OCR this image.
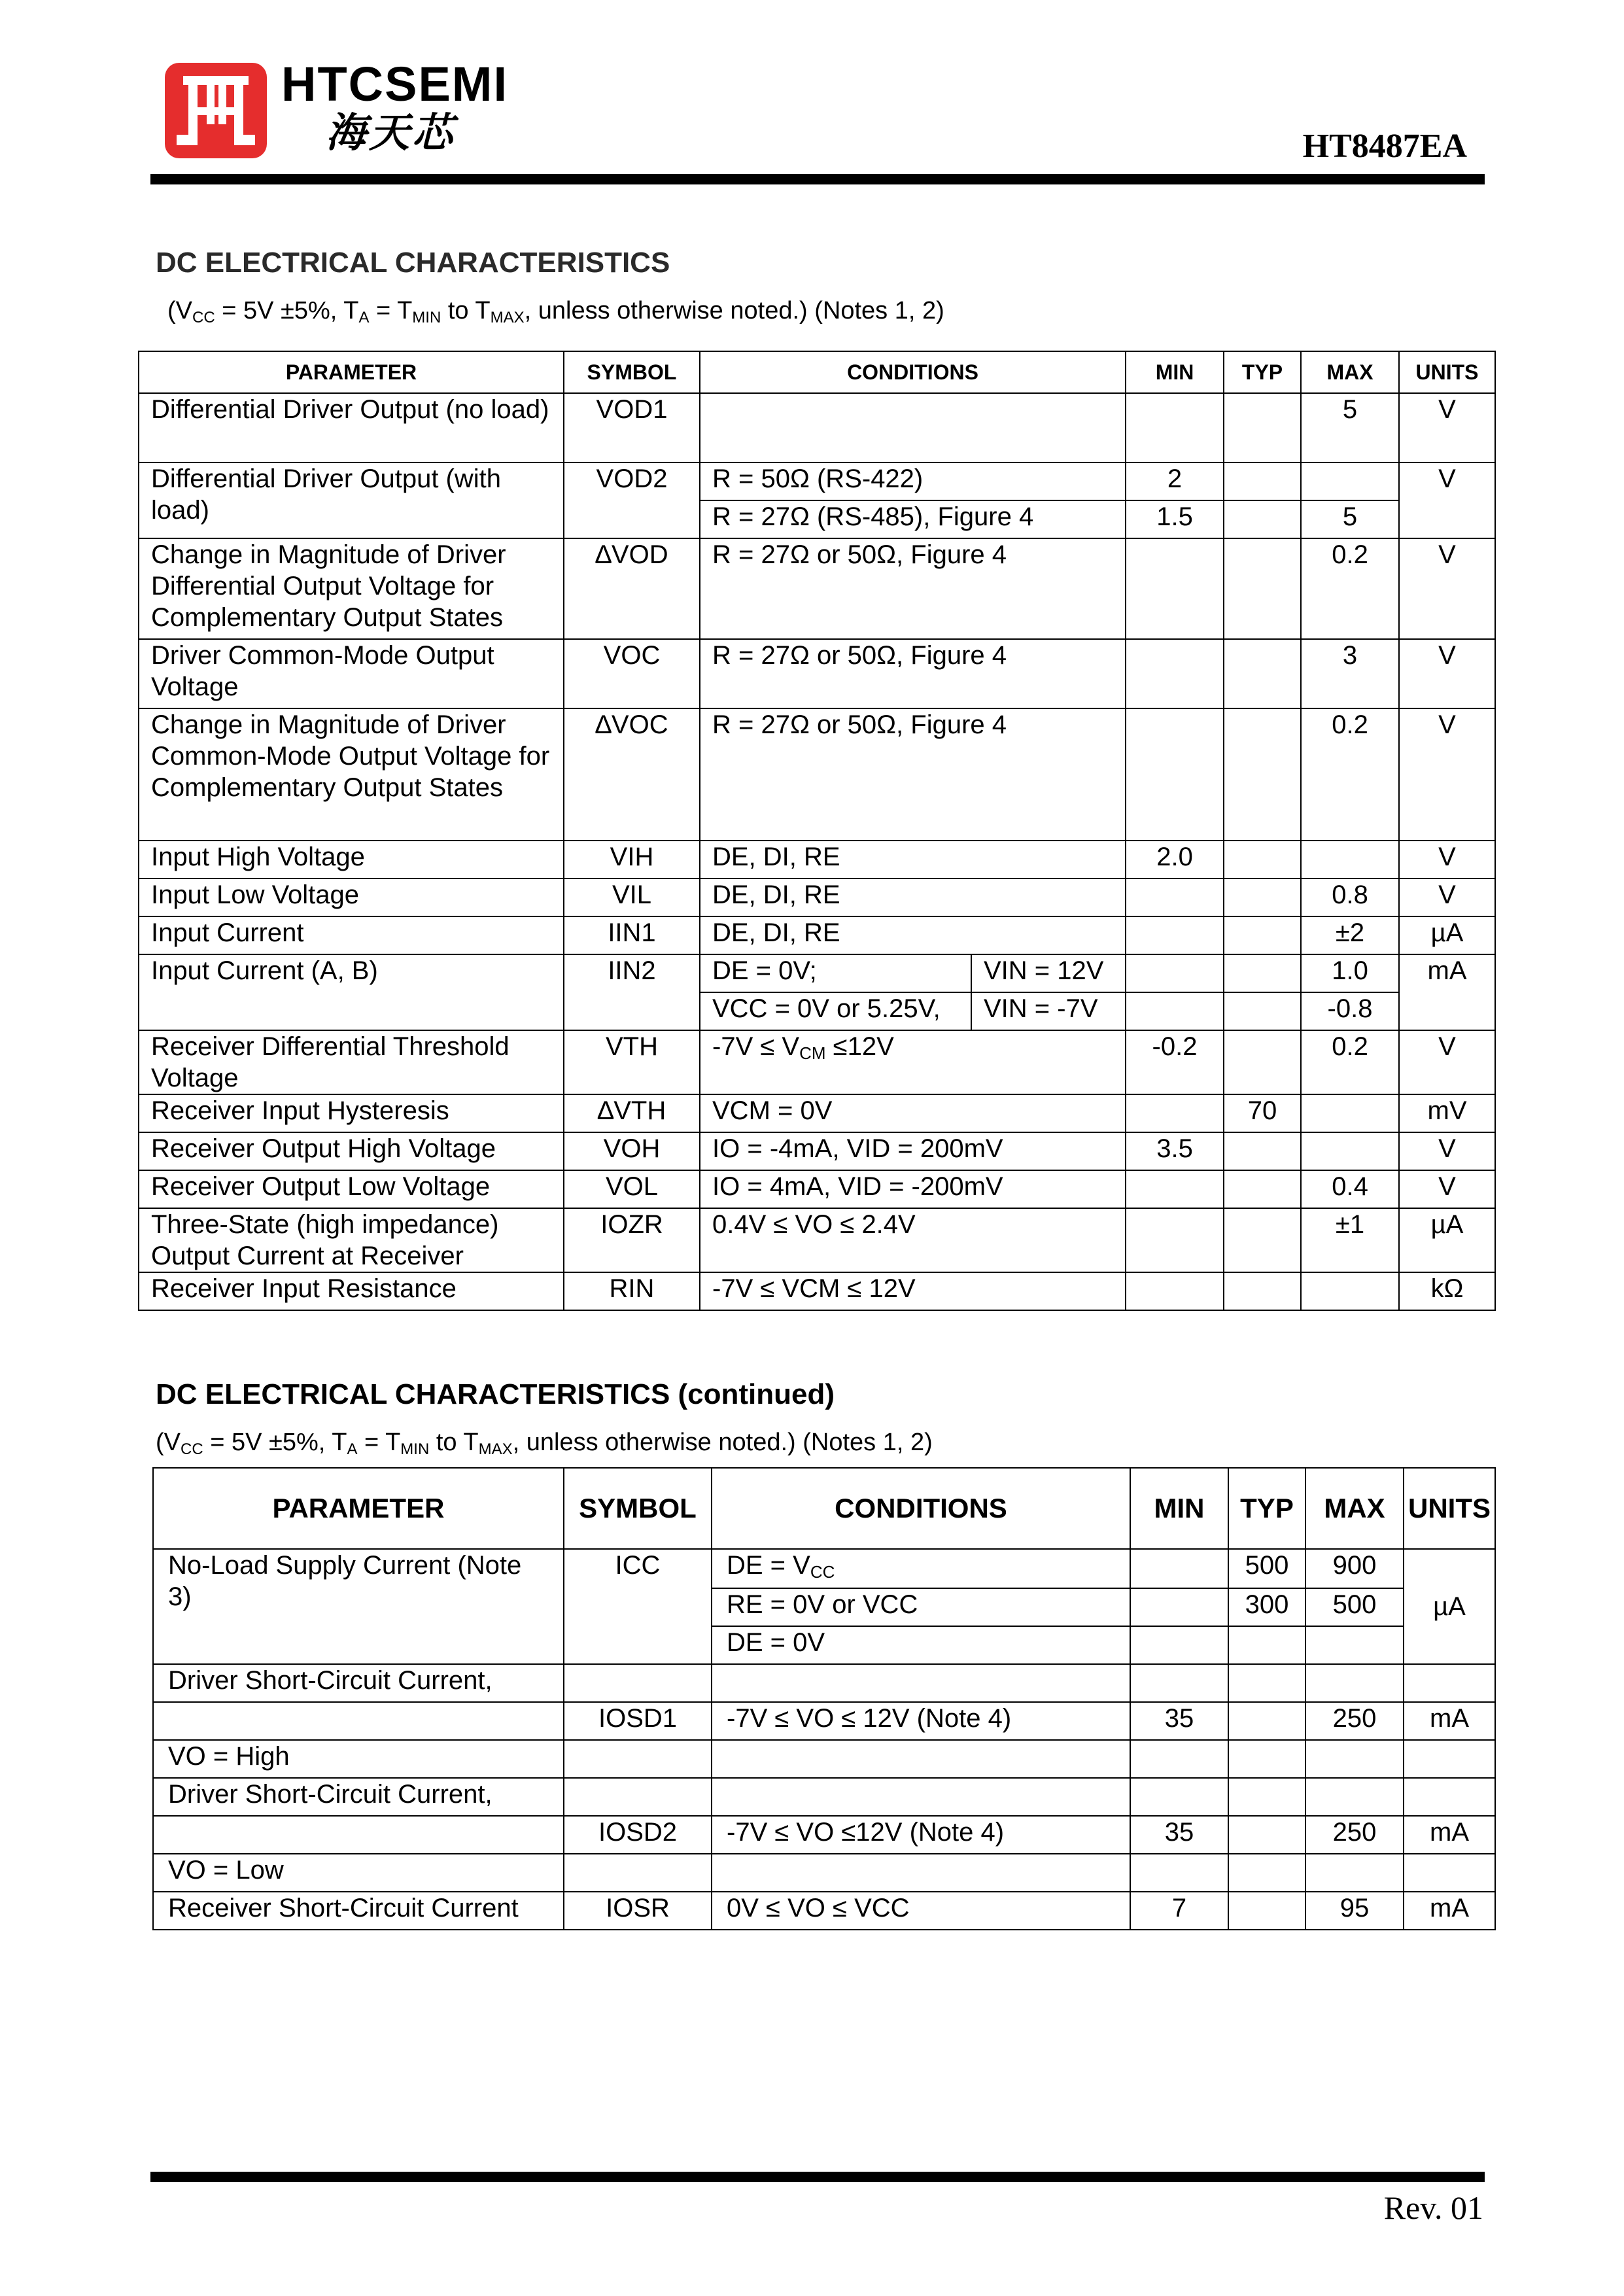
HTCSEMI
海天芯	HT8487EA
DC ELECTRICAL CHARACTERISTICS
($V_{CC} = 5V \pm 5\%$, $T_A = T_{MIN}$ to $T_{MAX}$, unless otherwise noted.) (Notes 1, 2)
PARAMETER	SYMBOL	CONDITIONS		MIN	TYP	MAX	UNITS
Differential Driver Output (no load)	VOD1					5	V
Differential Driver Output (with load)	VOD2	R = 50Ω (RS-422)		2			V
		R = 27Ω (RS-485), Figure 4		1.5		5	
Change in Magnitude of Driver Differential Output Voltage for Complementary Output States	∆VOD	R = 27Ω or 50Ω, Figure 4				0.2	V
Driver Common-Mode Output Voltage	VOC	R = 27Ω or 50Ω, Figure 4				3	V
Change in Magnitude of Driver Common-Mode Output Voltage for Complementary Output States	∆VOC	R = 27Ω or 50Ω, Figure 4				0.2	V
Input High Voltage	VIH	DE, DI, RE		2.0			V
Input Low Voltage	VIL	DE, DI, RE				0.8	V
Input Current	IIN1	DE, DI, RE				±2	µA
Input Current (A, B)	IIN2	DE = 0V;	VIN = 12V			1.0	mA
		VCC = 0V or 5.25V,	VIN = -7V			-0.8	
Receiver Differential Threshold Voltage	VTH	$-7V \le V_{CM} \le 12V$		-0.2		0.2	V
Receiver Input Hysteresis	∆VTH	VCM = 0V			70		mV
Receiver Output High Voltage	VOH	IO = -4mA, VID = 200mV		3.5			V
Receiver Output Low Voltage	VOL	IO = 4mA, VID = -200mV				0.4	V
Three-State (high impedance) Output Current at Receiver	IOZR	0.4V ≤ VO ≤ 2.4V				±1	µA
Receiver Input Resistance	RIN	-7V ≤ VCM ≤ 12V					kΩ
DC ELECTRICAL CHARACTERISTICS (continued)
($V_{CC} = 5V \pm 5\%$, $T_A = T_{MIN}$ to $T_{MAX}$, unless otherwise noted.) (Notes 1, 2)
PARAMETER	SYMBOL	CONDITIONS	MIN	TYP	MAX	UNITS
No-Load Supply Current (Note 3)	ICC	DE = $V_{CC}$		500	900	µA
		RE = 0V or VCC		300	500	
		DE = 0V				
Driver Short-Circuit Current,						
	IOSD1	-7V ≤ VO ≤ 12V (Note 4)	35		250	mA
VO = High						
Driver Short-Circuit Current,						
	IOSD2	-7V ≤ VO ≤12V (Note 4)	35		250	mA
VO = Low						
Receiver Short-Circuit Current	IOSR	0V ≤ VO ≤ VCC	7		95	mA
Rev. 01
